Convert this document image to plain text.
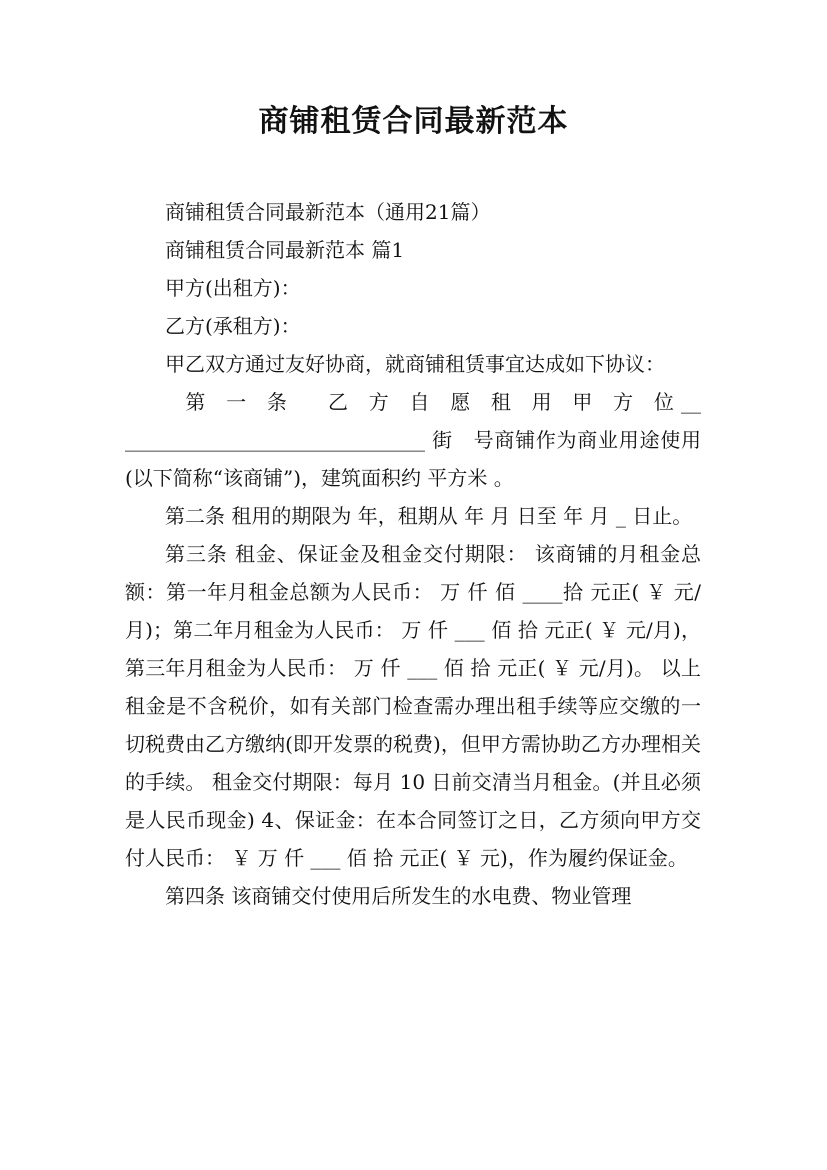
商铺租赁合同最新范本

商铺租赁合同最新范本（通用21篇）

商铺租赁合同最新范本 篇1

甲方(出租方)：

乙方(承租方)：

甲乙双方通过友好协商，就商铺租赁事宜达成如下协议：

　第　一　条　　乙　方　自　愿　租　用　甲　方　位 ________________________________ 街　号商铺作为商业用途使用(以下简称“该商铺”)，建筑面积约 平方米 。

第二条 租用的期限为 年，租期从 年 月 日至 年 月 _ 日止。

第三条 租金、保证金及租金交付期限： 该商铺的月租金总额：第一年月租金总额为人民币： 万 仟 佰 ____拾 元正( ￥ 元/月)；第二年月租金为人民币： 万 仟 ___ 佰 拾 元正( ￥ 元/月)，第三年月租金为人民币： 万 仟 ___ 佰 拾 元正( ￥ 元/月)。 以上租金是不含税价，如有关部门检查需办理出租手续等应交缴的一切税费由乙方缴纳(即开发票的税费)，但甲方需协助乙方办理相关的手续。 租金交付期限：每月 10 日前交清当月租金。(并且必须是人民币现金) 4、保证金：在本合同签订之日，乙方须向甲方交付人民币： ￥ 万 仟 ___ 佰 拾 元正( ￥ 元)，作为履约保证金。

第四条 该商铺交付使用后所发生的水电费、物业管理
